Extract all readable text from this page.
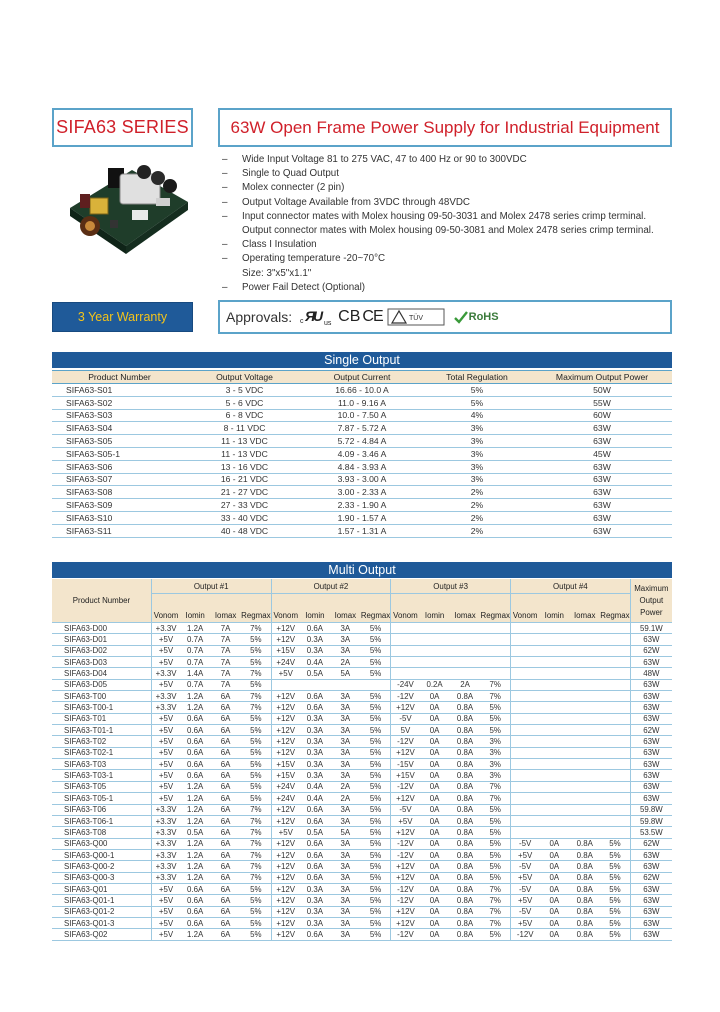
SIFA63 SERIES	63W Open Frame Power Supply for Industrial Equipment
– Wide Input Voltage 81 to 275 VAC, 47 to 400 Hz or 90 to 300VDC
– Single to Quad Output
– Molex connecter (2 pin)
– Output Voltage Available from 3VDC through 48VDC
– Input connector mates with Molex housing 09-50-3031 and Molex 2478 series crimp terminal.
Output connector mates with Molex housing 09-50-3081 and Molex 2478 series crimp terminal.
– Class I Insulation
– Operating temperature -20~70°C
Size: 3"x5"x1.1"
– Power Fail Detect (Optional)
3 Year Warranty	Approvals: c Я
U us CB CE	TÜV	RoHS
Single Output
Product Number	Output Voltage	Output Current	Total Regulation	Maximum Output Power
SIFA63-S01	3 - 5 VDC	16.66 - 10.0 A	5%	50W
SIFA63-S02	5 - 6 VDC	11.0 - 9.16 A	5%	55W
SIFA63-S03	6 - 8 VDC	10.0 - 7.50 A	4%	60W
SIFA63-S04	8 - 11 VDC	7.87 - 5.72 A	3%	63W
SIFA63-S05	11 - 13 VDC	5.72 - 4.84 A	3%	63W
SIFA63-S05-1	11 - 13 VDC	4.09 - 3.46 A	3%	45W
SIFA63-S06	13 - 16 VDC	4.84 - 3.93 A	3%	63W
SIFA63-S07	16 - 21 VDC	3.93 - 3.00 A	3%	63W
SIFA63-S08	21 - 27 VDC	3.00 - 2.33 A	2%	63W
SIFA63-S09	27 - 33 VDC	2.33 - 1.90 A	2%	63W
SIFA63-S10	33 - 40 VDC	1.90 - 1.57 A	2%	63W
SIFA63-S11	40 - 48 VDC	1.57 - 1.31 A	2%	63W
Multi Output
Product Number	Output #1				Output #2				Output #3				Output #4				Maximum Output Power
	Vonom	Iomin	Iomax	Regmax	Vonom	Iomin	Iomax	Regmax	Vonom	Iomin	Iomax	Regmax	Vonom	Iomin	Iomax	Regmax	
SIFA63-D00	+3.3V	1.2A	7A	7%	+12V	0.6A	3A	5%									59.1W
SIFA63-D01	+5V	0.7A	7A	5%	+12V	0.3A	3A	5%									63W
SIFA63-D02	+5V	0.7A	7A	5%	+15V	0.3A	3A	5%									62W
SIFA63-D03	+5V	0.7A	7A	5%	+24V	0.4A	2A	5%									63W
SIFA63-D04	+3.3V	1.4A	7A	7%	+5V	0.5A	5A	5%									48W
SIFA63-D05	+5V	0.7A	7A	5%					-24V	0.2A	2A	7%					63W
SIFA63-T00	+3.3V	1.2A	6A	7%	+12V	0.6A	3A	5%	-12V	0A	0.8A	7%					63W
SIFA63-T00-1	+3.3V	1.2A	6A	7%	+12V	0.6A	3A	5%	+12V	0A	0.8A	5%					63W
SIFA63-T01	+5V	0.6A	6A	5%	+12V	0.3A	3A	5%	-5V	0A	0.8A	5%					63W
SIFA63-T01-1	+5V	0.6A	6A	5%	+12V	0.3A	3A	5%	5V	0A	0.8A	5%					62W
SIFA63-T02	+5V	0.6A	6A	5%	+12V	0.3A	3A	5%	-12V	0A	0.8A	3%					63W
SIFA63-T02-1	+5V	0.6A	6A	5%	+12V	0.3A	3A	5%	+12V	0A	0.8A	3%					63W
SIFA63-T03	+5V	0.6A	6A	5%	+15V	0.3A	3A	5%	-15V	0A	0.8A	3%					63W
SIFA63-T03-1	+5V	0.6A	6A	5%	+15V	0.3A	3A	5%	+15V	0A	0.8A	3%					63W
SIFA63-T05	+5V	1.2A	6A	5%	+24V	0.4A	2A	5%	-12V	0A	0.8A	7%					63W
SIFA63-T05-1	+5V	1.2A	6A	5%	+24V	0.4A	2A	5%	+12V	0A	0.8A	7%					63W
SIFA63-T06	+3.3V	1.2A	6A	7%	+12V	0.6A	3A	5%	-5V	0A	0.8A	5%					59.8W
SIFA63-T06-1	+3.3V	1.2A	6A	7%	+12V	0.6A	3A	5%	+5V	0A	0.8A	5%					59.8W
SIFA63-T08	+3.3V	0.5A	6A	7%	+5V	0.5A	5A	5%	+12V	0A	0.8A	5%					53.5W
SIFA63-Q00	+3.3V	1.2A	6A	7%	+12V	0.6A	3A	5%	-12V	0A	0.8A	5%	-5V	0A	0.8A	5%	62W
SIFA63-Q00-1	+3.3V	1.2A	6A	7%	+12V	0.6A	3A	5%	-12V	0A	0.8A	5%	+5V	0A	0.8A	5%	63W
SIFA63-Q00-2	+3.3V	1.2A	6A	7%	+12V	0.6A	3A	5%	+12V	0A	0.8A	5%	-5V	0A	0.8A	5%	63W
SIFA63-Q00-3	+3.3V	1.2A	6A	7%	+12V	0.6A	3A	5%	+12V	0A	0.8A	5%	+5V	0A	0.8A	5%	62W
SIFA63-Q01	+5V	0.6A	6A	5%	+12V	0.3A	3A	5%	-12V	0A	0.8A	7%	-5V	0A	0.8A	5%	63W
SIFA63-Q01-1	+5V	0.6A	6A	5%	+12V	0.3A	3A	5%	-12V	0A	0.8A	7%	+5V	0A	0.8A	5%	63W
SIFA63-Q01-2	+5V	0.6A	6A	5%	+12V	0.3A	3A	5%	+12V	0A	0.8A	7%	-5V	0A	0.8A	5%	63W
SIFA63-Q01-3	+5V	0.6A	6A	5%	+12V	0.3A	3A	5%	+12V	0A	0.8A	7%	+5V	0A	0.8A	5%	63W
SIFA63-Q02	+5V	1.2A	6A	5%	+12V	0.6A	3A	5%	-12V	0A	0.8A	5%	-12V	0A	0.8A	5%	63W
